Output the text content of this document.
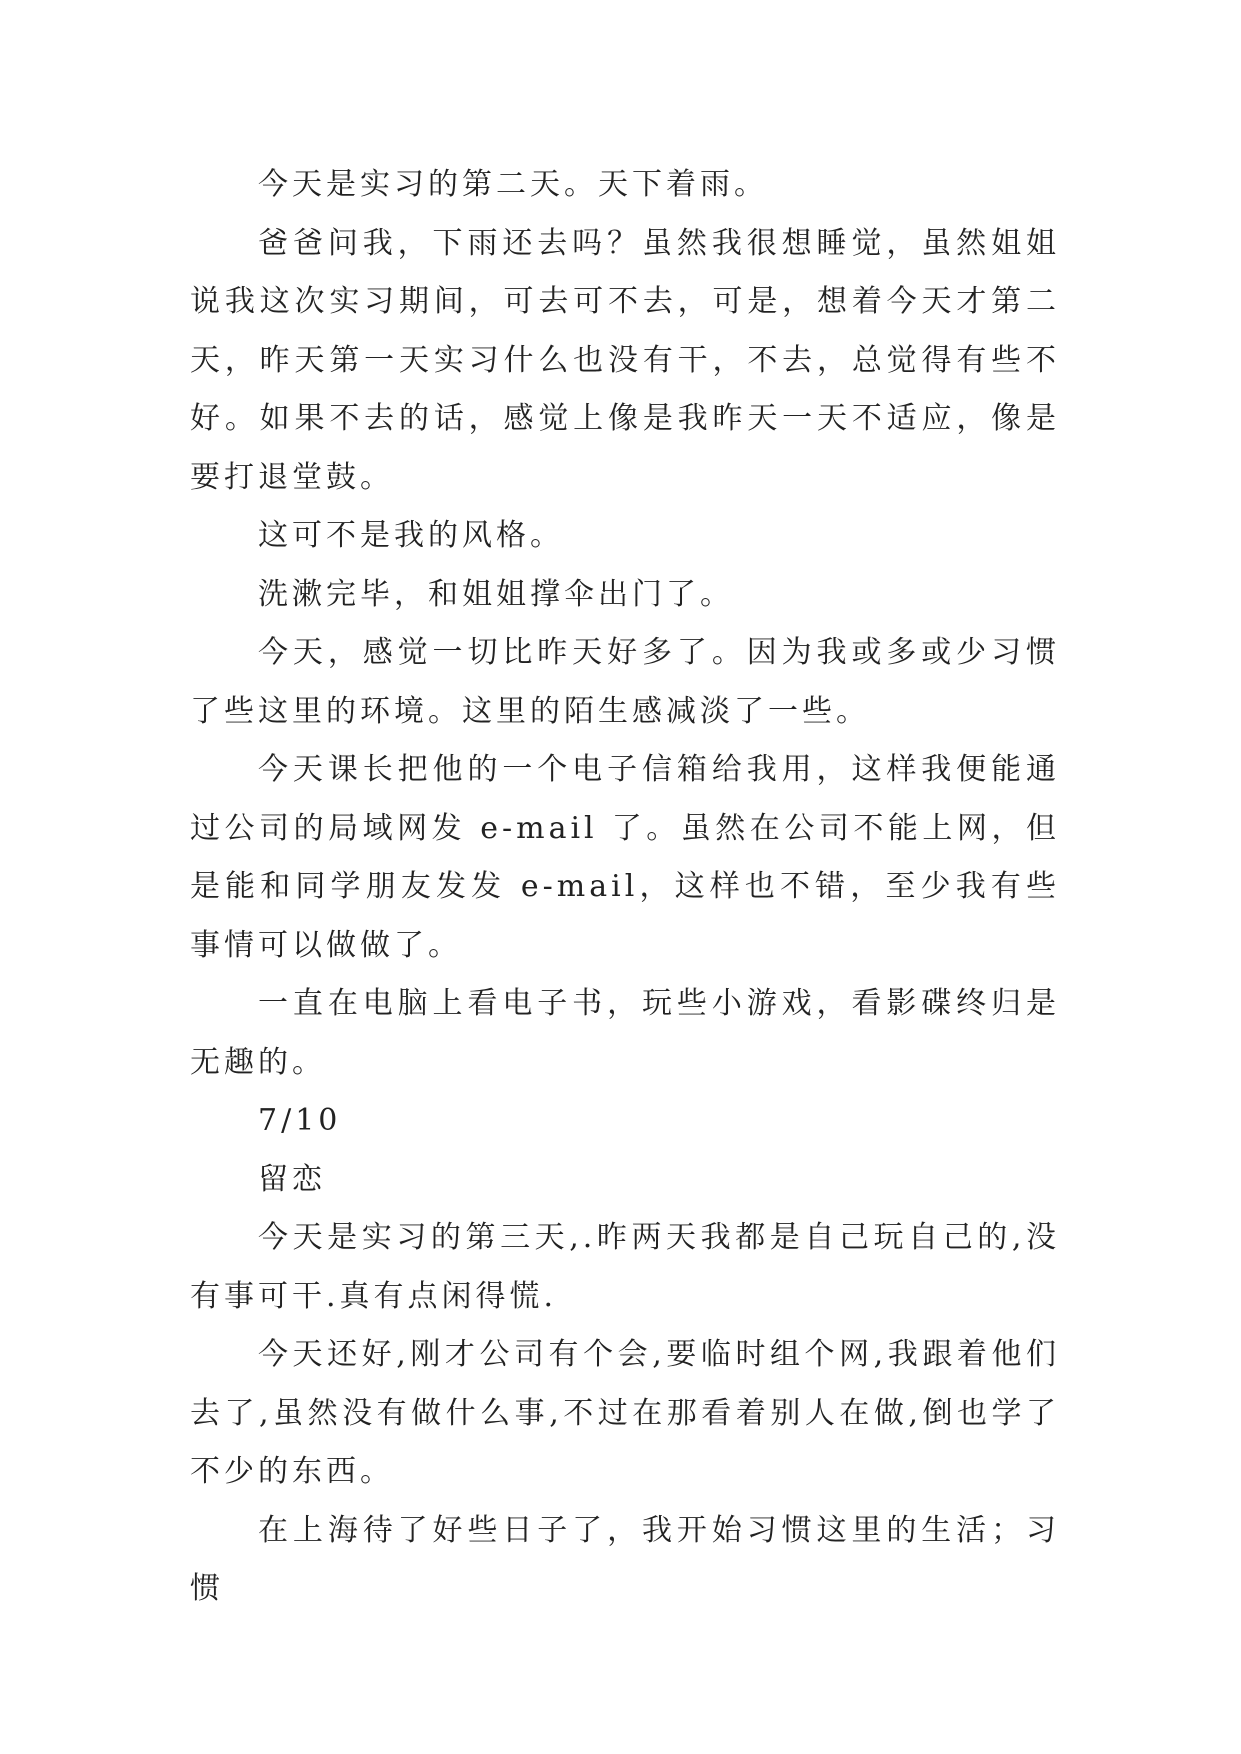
今天是实习的第二天。天下着雨。

爸爸问我，下雨还去吗？虽然我很想睡觉，虽然姐姐说我这次实习期间，可去可不去，可是，想着今天才第二天，昨天第一天实习什么也没有干，不去，总觉得有些不好。如果不去的话，感觉上像是我昨天一天不适应，像是要打退堂鼓。

这可不是我的风格。

洗漱完毕，和姐姐撑伞出门了。

今天，感觉一切比昨天好多了。因为我或多或少习惯了些这里的环境。这里的陌生感减淡了一些。

今天课长把他的一个电子信箱给我用，这样我便能通过公司的局域网发 e-mail 了。虽然在公司不能上网，但是能和同学朋友发发 e-mail，这样也不错，至少我有些事情可以做做了。

一直在电脑上看电子书，玩些小游戏，看影碟终归是无趣的。

7/10

留恋

今天是实习的第三天,.昨两天我都是自己玩自己的,没有事可干.真有点闲得慌.

今天还好,刚才公司有个会,要临时组个网,我跟着他们去了,虽然没有做什么事,不过在那看着别人在做,倒也学了不少的东西。

在上海待了好些日子了，我开始习惯这里的生活；习惯
